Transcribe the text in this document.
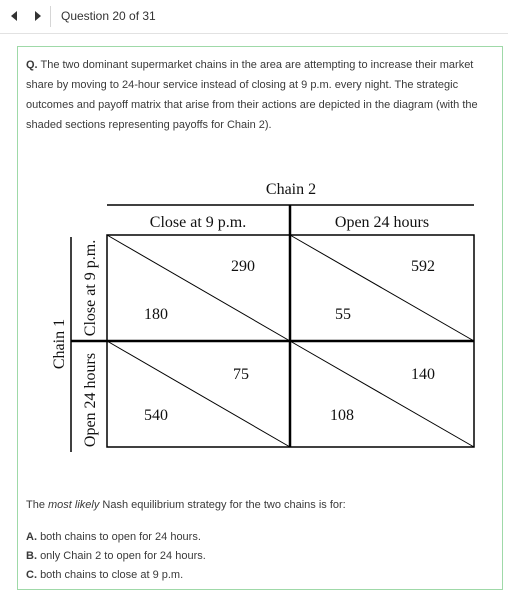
Question 20 of 31
Q. The two dominant supermarket chains in the area are attempting to increase their market share by moving to 24-hour service instead of closing at 9 p.m. every night. The strategic outcomes and payoff matrix that arise from their actions are depicted in the diagram (with the shaded sections representing payoffs for Chain 2).
Chain 2
Close at 9 p.m.	Open 24 hours
Chain 1
Close at 9 p.m.
Open 24 hours
290
180
592
55
75
540
140
108
The most likely Nash equilibrium strategy for the two chains is for:
A. both chains to open for 24 hours.
B. only Chain 2 to open for 24 hours.
C. both chains to close at 9 p.m.
